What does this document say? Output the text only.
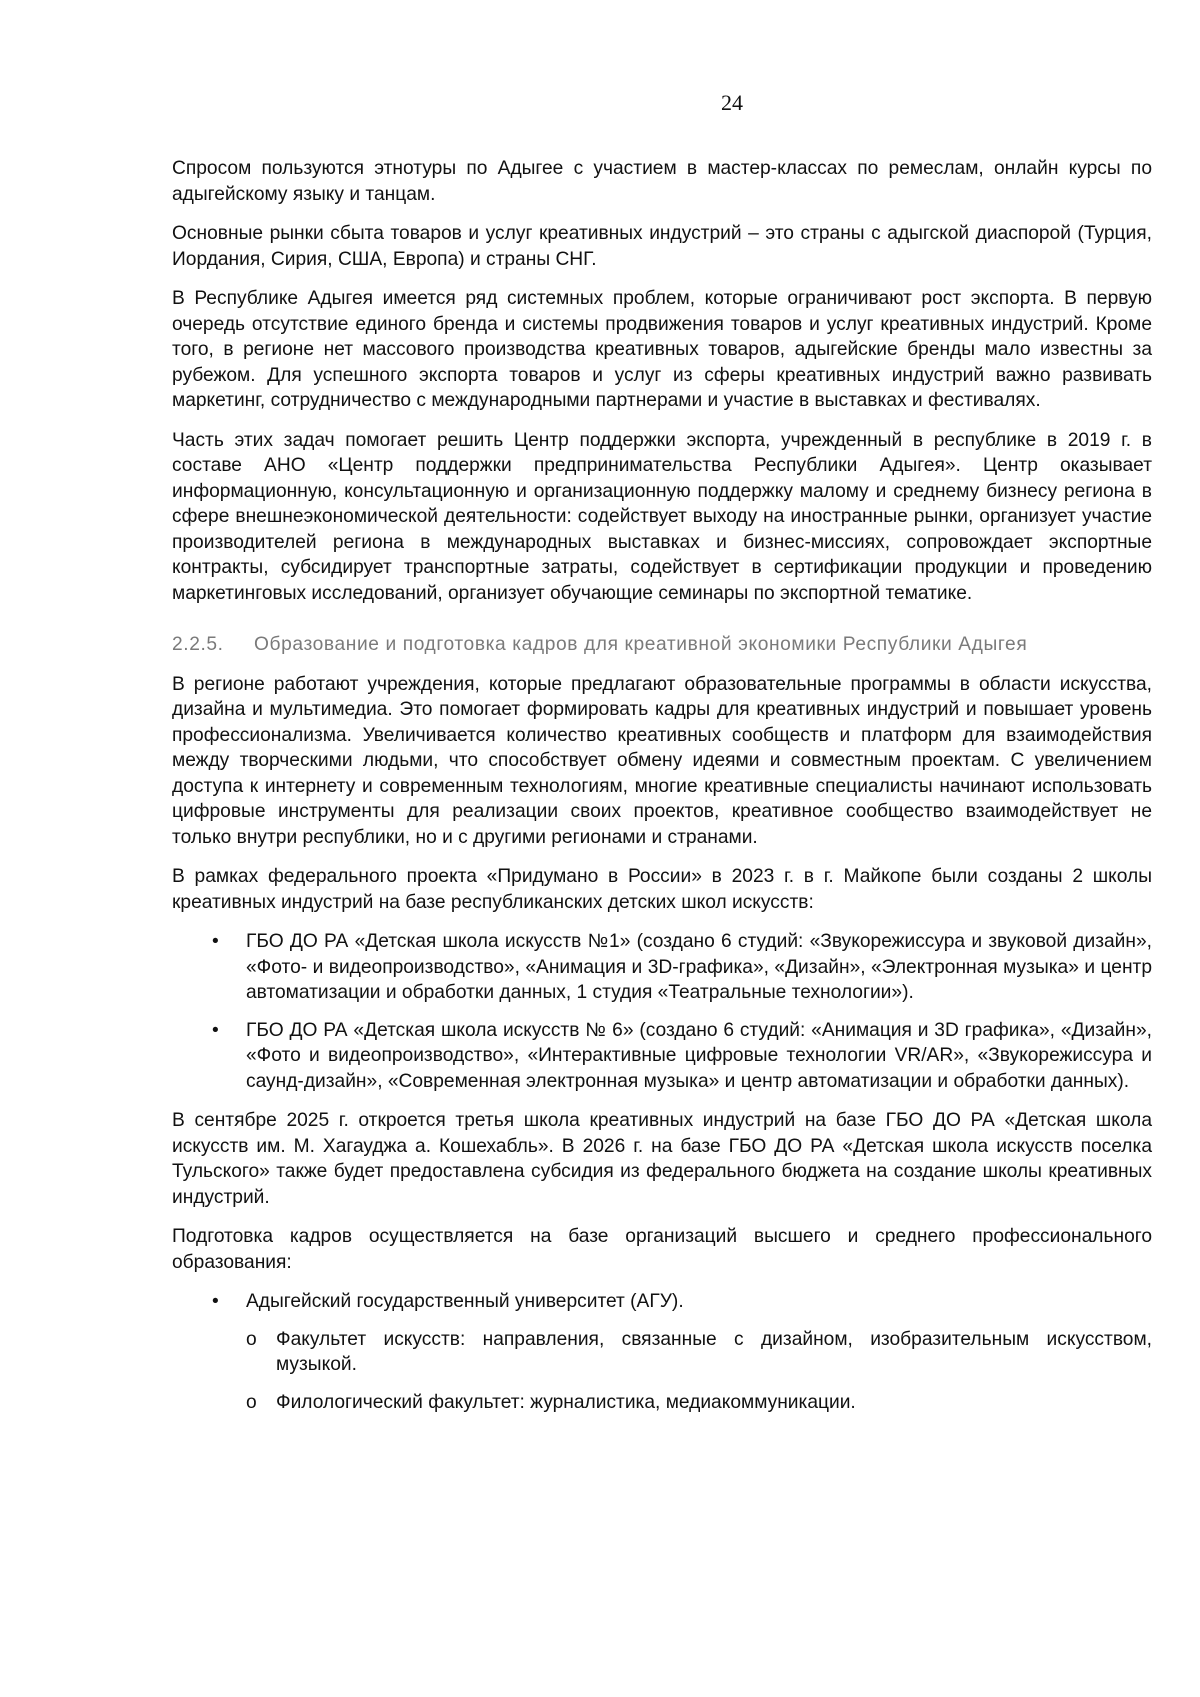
24

Спросом пользуются этнотуры по Адыгее с участием в мастер-классах по ремеслам, онлайн курсы по адыгейскому языку и танцам.

Основные рынки сбыта товаров и услуг креативных индустрий – это страны с адыгской диаспорой (Турция, Иордания, Сирия, США, Европа) и страны СНГ.

В Республике Адыгея имеется ряд системных проблем, которые ограничивают рост экспорта. В первую очередь отсутствие единого бренда и системы продвижения товаров и услуг креативных индустрий. Кроме того, в регионе нет массового производства креативных товаров, адыгейские бренды мало известны за рубежом. Для успешного экспорта товаров и услуг из сферы креативных индустрий важно развивать маркетинг, сотрудничество с международными партнерами и участие в выставках и фестивалях.

Часть этих задач помогает решить Центр поддержки экспорта, учрежденный в республике в 2019 г. в составе АНО «Центр поддержки предпринимательства Республики Адыгея». Центр оказывает информационную, консультационную и организационную поддержку малому и среднему бизнесу региона в сфере внешнеэкономической деятельности: содействует выходу на иностранные рынки, организует участие производителей региона в международных выставках и бизнес-миссиях, сопровождает экспортные контракты, субсидирует транспортные затраты, содействует в сертификации продукции и проведению маркетинговых исследований, организует обучающие семинары по экспортной тематике.

2.2.5.	Образование и подготовка кадров для креативной экономики Республики Адыгея

В регионе работают учреждения, которые предлагают образовательные программы в области искусства, дизайна и мультимедиа. Это помогает формировать кадры для креативных индустрий и повышает уровень профессионализма. Увеличивается количество креативных сообществ и платформ для взаимодействия между творческими людьми, что способствует обмену идеями и совместным проектам. С увеличением доступа к интернету и современным технологиям, многие креативные специалисты начинают использовать цифровые инструменты для реализации своих проектов, креативное сообщество взаимодействует не только внутри республики, но и с другими регионами и странами.

В рамках федерального проекта «Придумано в России» в 2023 г. в г. Майкопе были созданы 2 школы креативных индустрий на базе республиканских детских школ искусств:

• ГБО ДО РА «Детская школа искусств №1» (создано 6 студий: «Звукорежиссура и звуковой дизайн», «Фото- и видеопроизводство», «Анимация и 3D-графика», «Дизайн», «Электронная музыка» и центр автоматизации и обработки данных, 1 студия «Театральные технологии»).

• ГБО ДО РА «Детская школа искусств № 6» (создано 6 студий: «Анимация и 3D графика», «Дизайн», «Фото и видеопроизводство», «Интерактивные цифровые технологии VR/AR», «Звукорежиссура и саунд-дизайн», «Современная электронная музыка» и центр автоматизации и обработки данных).

В сентябре 2025 г. откроется третья школа креативных индустрий на базе ГБО ДО РА «Детская школа искусств им. М. Хагауджа а. Кошехабль». В 2026 г. на базе ГБО ДО РА «Детская школа искусств поселка Тульского» также будет предоставлена субсидия из федерального бюджета на создание школы креативных индустрий.

Подготовка кадров осуществляется на базе организаций высшего и среднего профессионального образования:

• Адыгейский государственный университет (АГУ).

o Факультет искусств: направления, связанные с дизайном, изобразительным искусством, музыкой.

o Филологический факультет: журналистика, медиакоммуникации.
